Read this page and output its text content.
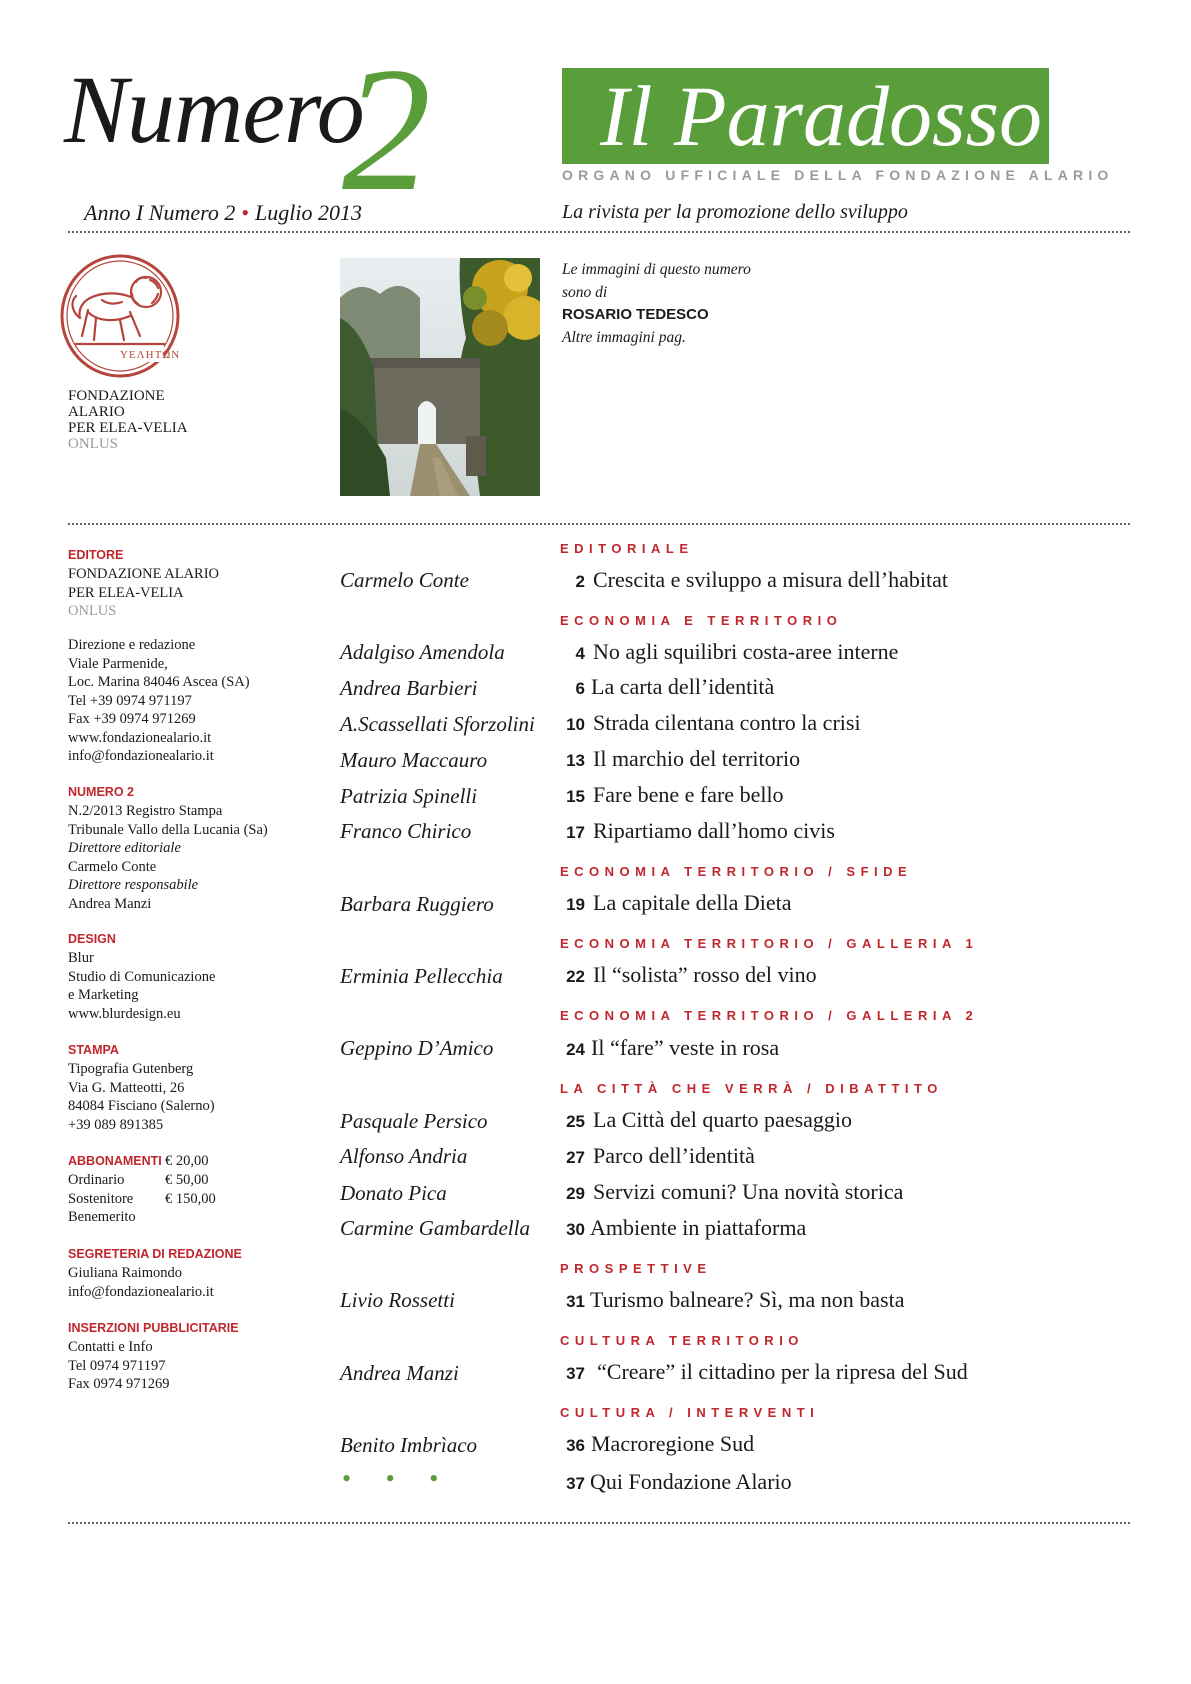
Numero
2
Anno I Numero 2 • Luglio 2013
Il Paradosso
ORGANO UFFICIALE DELLA FONDAZIONE ALARIO
La rivista per la promozione dello sviluppo
ΥΕΛΗΤΩΝ
FONDAZIONE
ALARIO
PER ELEA-VELIA
ONLUS
Le immagini di questo numero
sono di
ROSARIO TEDESCO
Altre immagini pag.
EDITORE
FONDAZIONE ALARIO
PER ELEA-VELIA
ONLUS
Direzione e redazione
Viale Parmenide,
Loc. Marina 84046 Ascea (SA)
Tel +39 0974 971197
Fax +39 0974 971269
www.fondazionealario.it
info@fondazionealario.it
NUMERO 2
N.2/2013 Registro Stampa
Tribunale Vallo della Lucania (Sa)
Direttore editoriale
Carmelo Conte
Direttore responsabile
Andrea Manzi
DESIGN
Blur
Studio di Comunicazione
e Marketing
www.blurdesign.eu
STAMPA
Tipografia Gutenberg
Via G. Matteotti, 26
84084 Fisciano (Salerno)
+39 089 891385
ABBONAMENTI € 20,00
Ordinario	€ 50,00
Sostenitore	€ 150,00
Benemerito
SEGRETERIA DI REDAZIONE
Giuliana Raimondo
info@fondazionealario.it
INSERZIONI PUBBLICITARIE
Contatti e Info
Tel 0974 971197
Fax 0974 971269
EDITORIALE
Carmelo Conte	2 Crescita e sviluppo a misura dell’habitat
ECONOMIA E TERRITORIO
Adalgiso Amendola	4 No agli squilibri costa-aree interne
Andrea Barbieri	6 La carta dell’identità
A.Scassellati Sforzolini	10 Strada cilentana contro la crisi
Mauro Maccauro	13 Il marchio del territorio
Patrizia Spinelli	15 Fare bene e fare bello
Franco Chirico	17 Ripartiamo dall’homo civis
ECONOMIA TERRITORIO / SFIDE
Barbara Ruggiero	19 La capitale della Dieta
ECONOMIA TERRITORIO / GALLERIA 1
Erminia Pellecchia	22 Il “solista” rosso del vino
ECONOMIA TERRITORIO / GALLERIA 2
Geppino D’Amico	24 Il “fare” veste in rosa
LA CITTÀ CHE VERRÀ / DIBATTITO
Pasquale Persico	25 La Città del quarto paesaggio
Alfonso Andria	27 Parco dell’identità
Donato Pica	29 Servizi comuni? Una novità storica
Carmine Gambardella	30 Ambiente in piattaforma
PROSPETTIVE
Livio Rossetti	31 Turismo balneare? Sì, ma non basta
CULTURA TERRITORIO
Andrea Manzi	37 “Creare” il cittadino per la ripresa del Sud
CULTURA / INTERVENTI
Benito Imbrìaco	36 Macroregione Sud
• • •	37 Qui Fondazione Alario
